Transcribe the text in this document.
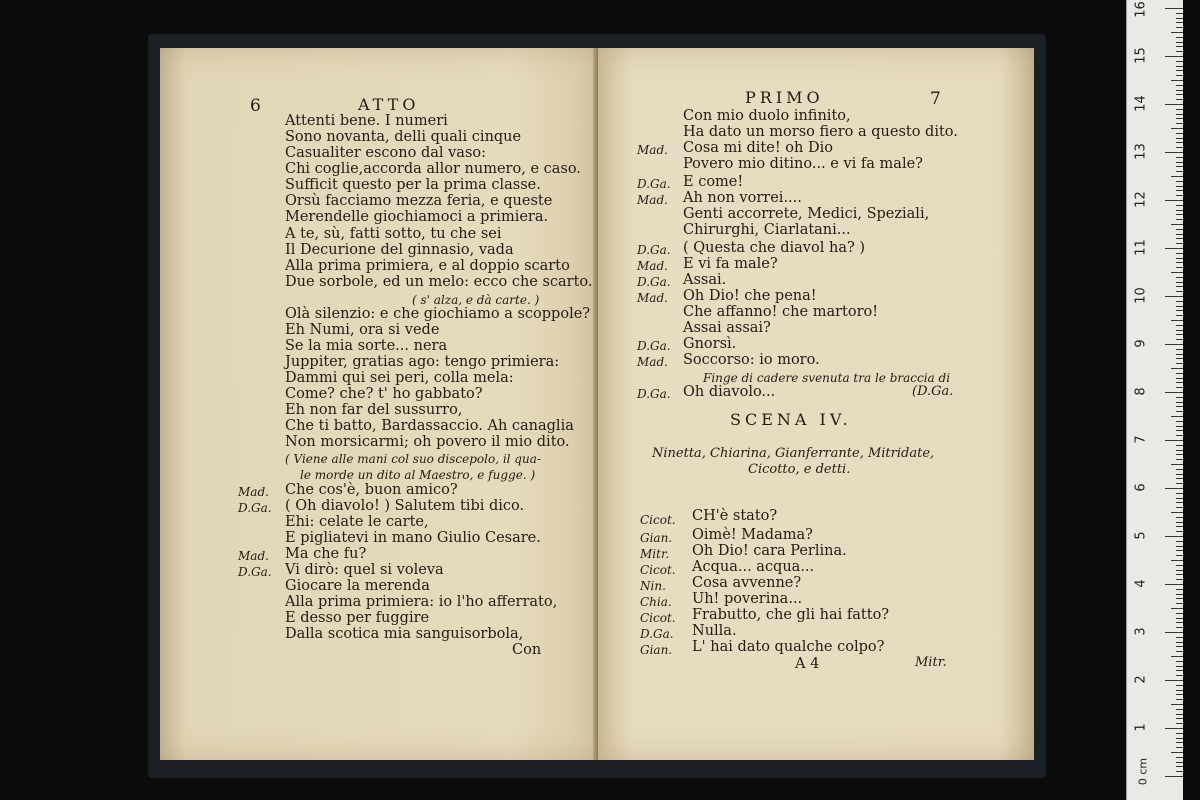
6	ATTO
Attenti bene. I numeri
Sono novanta, delli quali cinque
Casualiter escono dal vaso:
Chi coglie,accorda allor numero, e caso.
Sufficit questo per la prima classe.
Orsù facciamo mezza feria, e queste
Merendelle giochiamoci a primiera.
A te, sù, fatti sotto, tu che sei
Il Decurione del ginnasio, vada
Alla prima primiera, e al doppio scarto
Due sorbole, ed un melo: ecco che scarto.
( s' alza, e dà carte. )
Olà silenzio: e che giochiamo a scoppole?
Eh Numi, ora si vede
Se la mia sorte... nera
Juppiter, gratias ago: tengo primiera:
Dammi qui sei peri, colla mela:
Come? che? t' ho gabbato?
Eh non far del sussurro,
Che ti batto, Bardassaccio. Ah canaglia
Non morsicarmi; oh povero il mio dito.
( Viene alle mani col suo discepolo, il qua-
le morde un dito al Maestro, e fugge. )
Mad. Che cos'è, buon amico?
D.Ga. ( Oh diavolo! ) Salutem tibi dico.
Ehi: celate le carte,
E pigliatevi in mano Giulio Cesare.
Mad. Ma che fu?
D.Ga. Vi dirò: quel si voleva
Giocare la merenda
Alla prima primiera: io l'ho afferrato,
E desso per fuggire
Dalla scotica mia sanguisorbola,
Con
PRIMO	7
Con mio duolo infinito,
Ha dato un morso fiero a questo dito.
Mad. Cosa mi dite! oh Dio
Povero mio ditino... e vi fa male?
D.Ga. E come!
Mad. Ah non vorrei....
Genti accorrete, Medici, Speziali,
Chirurghi, Ciarlatani...
D.Ga. ( Questa che diavol ha? )
Mad. E vi fa male?
D.Ga. Assai.
Mad. Oh Dio! che pena!
Che affanno! che martoro!
Assai assai?
D.Ga. Gnorsì.
Mad. Soccorso: io moro.
Finge di cadere svenuta tra le braccia di
D.Ga. Oh diavolo...	(D.Ga.
SCENA IV.
Ninetta, Chiarina, Gianferrante, Mitridate,
Cicotto, e detti.
Cicot. CH'è stato?
Gian. Oimè! Madama?
Mitr. Oh Dio! cara Perlina.
Cicot. Acqua... acqua...
Nin. Cosa avvenne?
Chia. Uh! poverina...
Cicot. Frabutto, che gli hai fatto?
D.Ga. Nulla.
Gian. L' hai dato qualche colpo?
A 4	Mitr.
0 cm
1
2
3
4
5
6
7
8
9
10
11
12
13
14
15
16
